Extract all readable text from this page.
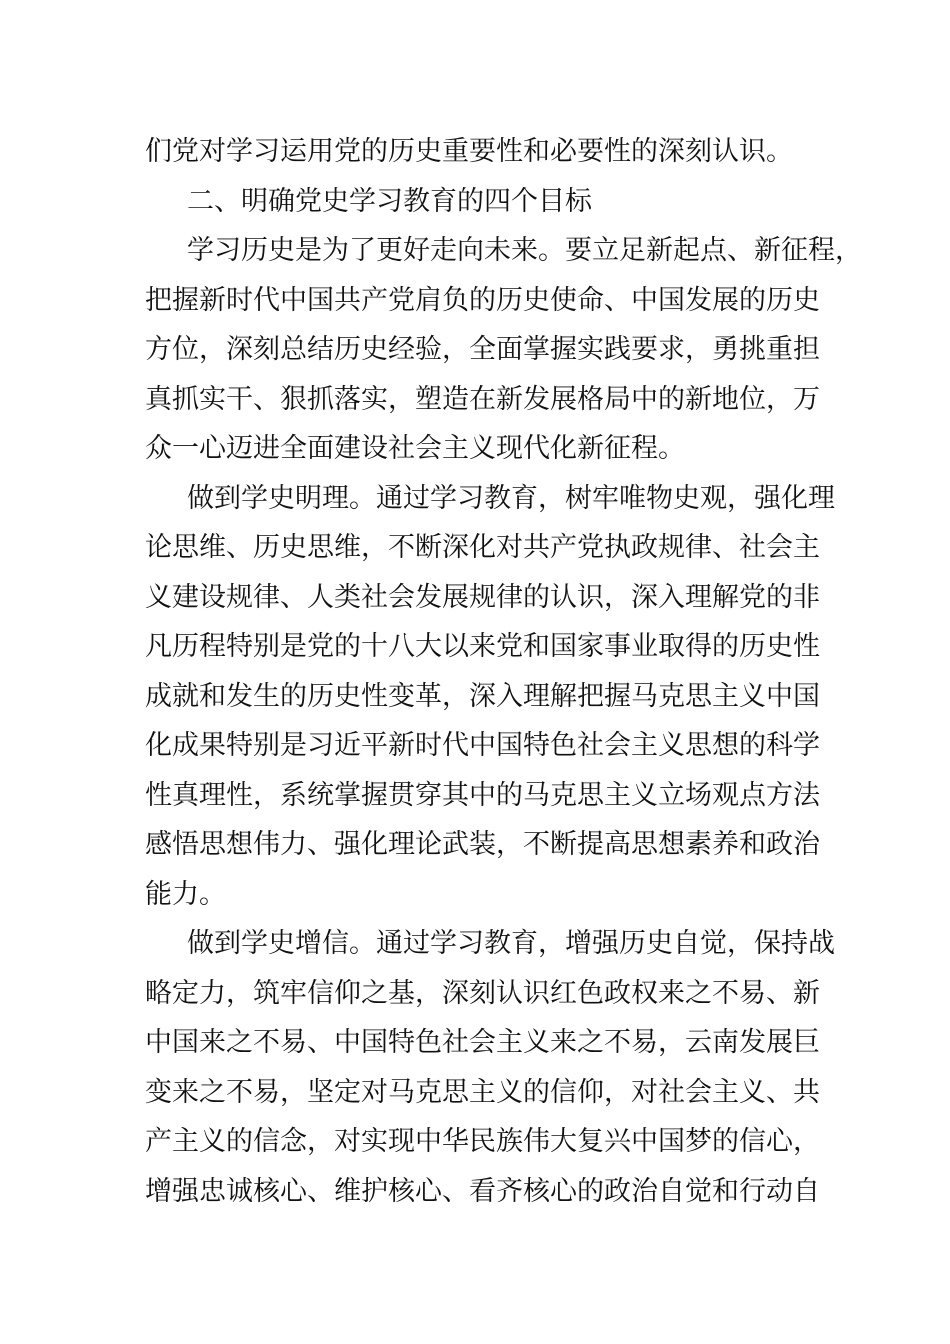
们党对学习运用党的历史重要性和必要性的深刻认识。
二、明确党史学习教育的四个目标
学习历史是为了更好走向未来。要立足新起点、新征程，
把握新时代中国共产党肩负的历史使命、中国发展的历史
方位，深刻总结历史经验，全面掌握实践要求，勇挑重担
真抓实干、狠抓落实，塑造在新发展格局中的新地位，万
众一心迈进全面建设社会主义现代化新征程。
做到学史明理。通过学习教育，树牢唯物史观，强化理
论思维、历史思维，不断深化对共产党执政规律、社会主
义建设规律、人类社会发展规律的认识，深入理解党的非
凡历程特别是党的十八大以来党和国家事业取得的历史性
成就和发生的历史性变革，深入理解把握马克思主义中国
化成果特别是习近平新时代中国特色社会主义思想的科学
性真理性，系统掌握贯穿其中的马克思主义立场观点方法
感悟思想伟力、强化理论武装，不断提高思想素养和政治
能力。
做到学史增信。通过学习教育，增强历史自觉，保持战
略定力，筑牢信仰之基，深刻认识红色政权来之不易、新
中国来之不易、中国特色社会主义来之不易，云南发展巨
变来之不易，坚定对马克思主义的信仰，对社会主义、共
产主义的信念，对实现中华民族伟大复兴中国梦的信心，
增强忠诚核心、维护核心、看齐核心的政治自觉和行动自
